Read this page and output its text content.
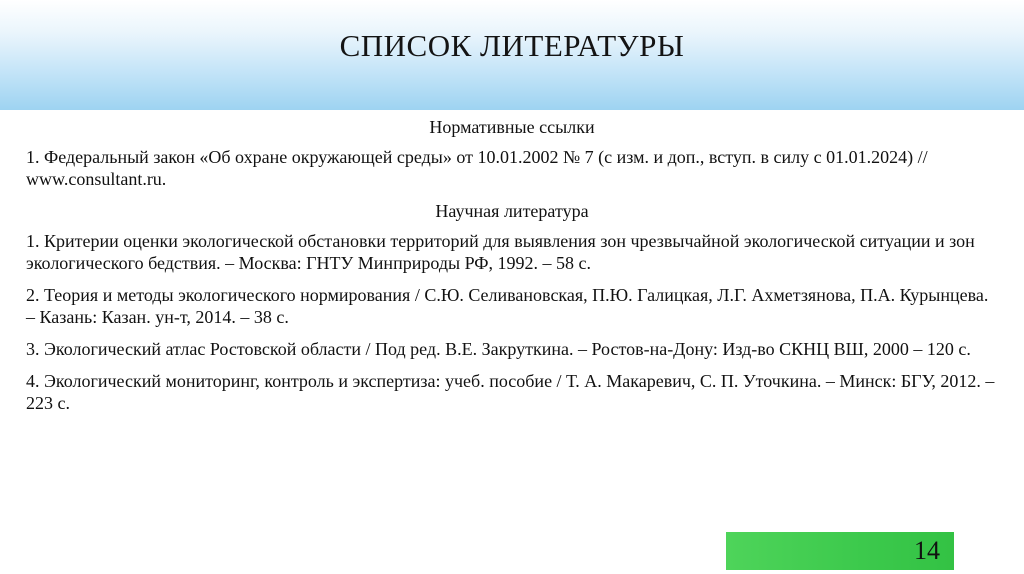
СПИСОК ЛИТЕРАТУРЫ
Нормативные ссылки
1. Федеральный закон «Об охране окружающей среды» от 10.01.2002 № 7 (с изм. и доп., вступ. в силу с 01.01.2024) // www.consultant.ru.
Научная литература
1. Критерии оценки экологической обстановки территорий для выявления зон чрезвычайной экологической ситуации и зон экологического бедствия. – Москва: ГНТУ Минприроды РФ, 1992. – 58 с.
2. Теория и методы экологического нормирования / С.Ю. Селивановская, П.Ю. Галицкая, Л.Г. Ахметзянова, П.А. Курынцева. – Казань: Казан. ун-т, 2014. – 38 с.
3. Экологический атлас Ростовской области / Под ред. В.Е. Закруткина. – Ростов-на-Дону: Изд-во СКНЦ ВШ, 2000 – 120 с.
4. Экологический мониторинг, контроль и экспертиза: учеб. пособие / Т. А. Макаревич, С. П. Уточкина. – Минск: БГУ, 2012. – 223 с.
14
